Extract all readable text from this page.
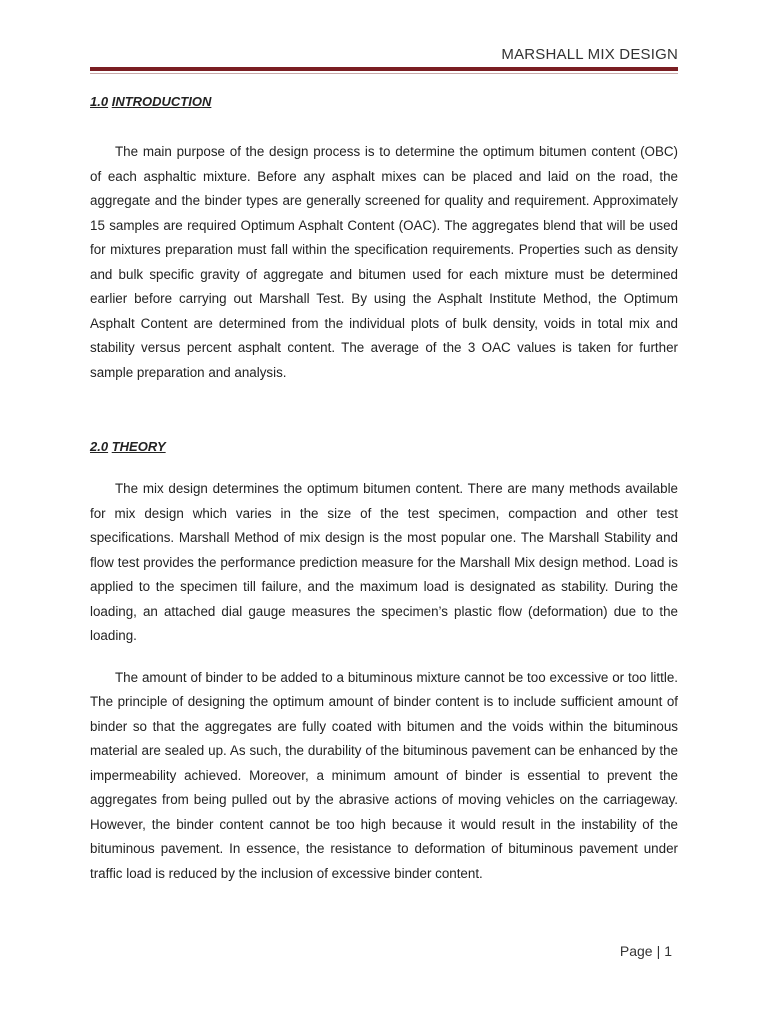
MARSHALL MIX DESIGN
1.0 INTRODUCTION

The main purpose of the design process is to determine the optimum bitumen content (OBC) of each asphaltic mixture. Before any asphalt mixes can be placed and laid on the road, the aggregate and the binder types are generally screened for quality and requirement. Approximately 15 samples are required Optimum Asphalt Content (OAC). The aggregates blend that will be used for mixtures preparation must fall within the specification requirements. Properties such as density and bulk specific gravity of aggregate and bitumen used for each mixture must be determined earlier before carrying out Marshall Test. By using the Asphalt Institute Method, the Optimum Asphalt Content are determined from the individual plots of bulk density, voids in total mix and stability versus percent asphalt content. The average of the 3 OAC values is taken for further sample preparation and analysis.

2.0 THEORY

The mix design determines the optimum bitumen content. There are many methods available for mix design which varies in the size of the test specimen, compaction and other test specifications. Marshall Method of mix design is the most popular one. The Marshall Stability and flow test provides the performance prediction measure for the Marshall Mix design method. Load is applied to the specimen till failure, and the maximum load is designated as stability. During the loading, an attached dial gauge measures the specimen’s plastic flow (deformation) due to the loading.

The amount of binder to be added to a bituminous mixture cannot be too excessive or too little. The principle of designing the optimum amount of binder content is to include sufficient amount of binder so that the aggregates are fully coated with bitumen and the voids within the bituminous material are sealed up. As such, the durability of the bituminous pavement can be enhanced by the impermeability achieved. Moreover, a minimum amount of binder is essential to prevent the aggregates from being pulled out by the abrasive actions of moving vehicles on the carriageway. However, the binder content cannot be too high because it would result in the instability of the bituminous pavement. In essence, the resistance to deformation of bituminous pavement under traffic load is reduced by the inclusion of excessive binder content.

Page | 1
